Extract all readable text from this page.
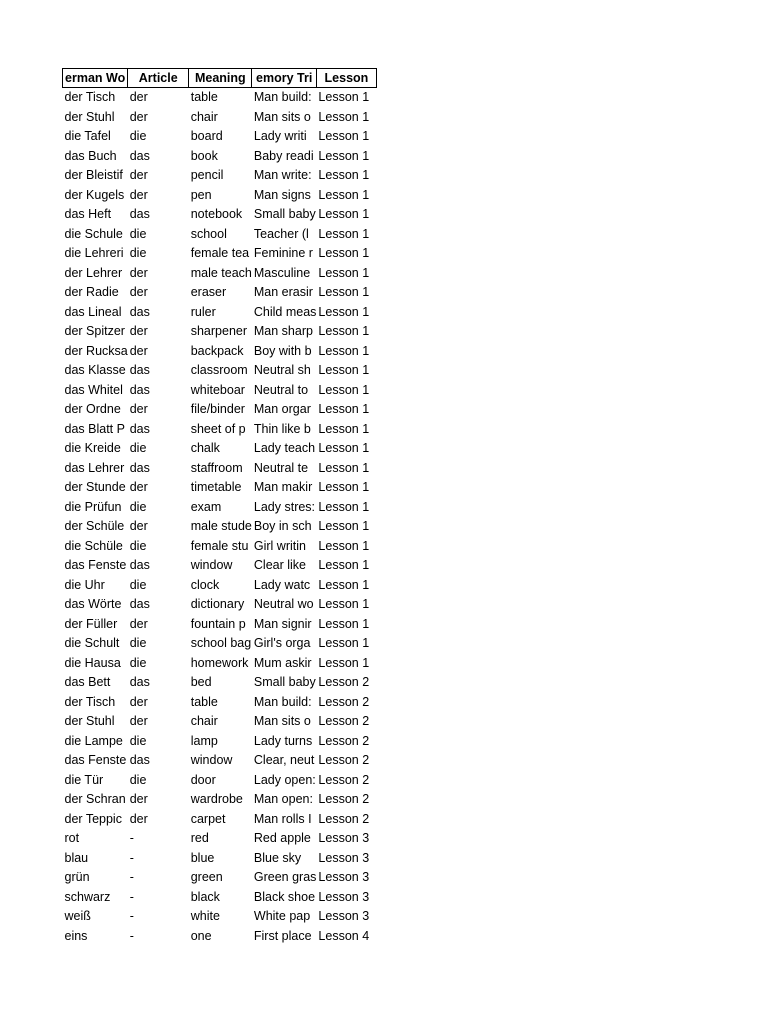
erman Wo	Article	Meaning	emory Tri	Lesson
der Tisch	der	table	Man build:	Lesson 1
der Stuhl	der	chair	Man sits o	Lesson 1
die Tafel	die	board	Lady writi	Lesson 1
das Buch	das	book	Baby readi	Lesson 1
der Bleistif	der	pencil	Man write:	Lesson 1
der Kugels	der	pen	Man signs	Lesson 1
das Heft	das	notebook	Small baby	Lesson 1
die Schule	die	school	Teacher (l	Lesson 1
die Lehreri	die	female tea	Feminine r	Lesson 1
der Lehrer	der	male teach	Masculine	Lesson 1
der Radie	der	eraser	Man erasir	Lesson 1
das Lineal	das	ruler	Child meas	Lesson 1
der Spitzer	der	sharpener	Man sharp	Lesson 1
der Rucksa	der	backpack	Boy with b	Lesson 1
das Klasse	das	classroom	Neutral sh	Lesson 1
das Whitel	das	whiteboar	Neutral to	Lesson 1
der Ordne	der	file/binder	Man orgar	Lesson 1
das Blatt P	das	sheet of p	Thin like b	Lesson 1
die Kreide	die	chalk	Lady teach	Lesson 1
das Lehrer	das	staffroom	Neutral te	Lesson 1
der Stunde	der	timetable	Man makir	Lesson 1
die Prüfun	die	exam	Lady stres:	Lesson 1
der Schüle	der	male stude	Boy in sch	Lesson 1
die Schüle	die	female stu	Girl writin	Lesson 1
das Fenste	das	window	Clear like	Lesson 1
die Uhr	die	clock	Lady watc	Lesson 1
das Wörte	das	dictionary	Neutral wo	Lesson 1
der Füller	der	fountain p	Man signir	Lesson 1
die Schult	die	school bag	Girl's orga	Lesson 1
die Hausa	die	homework	Mum askir	Lesson 1
das Bett	das	bed	Small baby	Lesson 2
der Tisch	der	table	Man build:	Lesson 2
der Stuhl	der	chair	Man sits o	Lesson 2
die Lampe	die	lamp	Lady turns	Lesson 2
das Fenste	das	window	Clear, neut	Lesson 2
die Tür	die	door	Lady open:	Lesson 2
der Schran	der	wardrobe	Man open:	Lesson 2
der Teppic	der	carpet	Man rolls I	Lesson 2
rot	-	red	Red apple	Lesson 3
blau	-	blue	Blue sky	Lesson 3
grün	-	green	Green gras	Lesson 3
schwarz	-	black	Black shoe	Lesson 3
weiß	-	white	White pap	Lesson 3
eins	-	one	First place	Lesson 4
